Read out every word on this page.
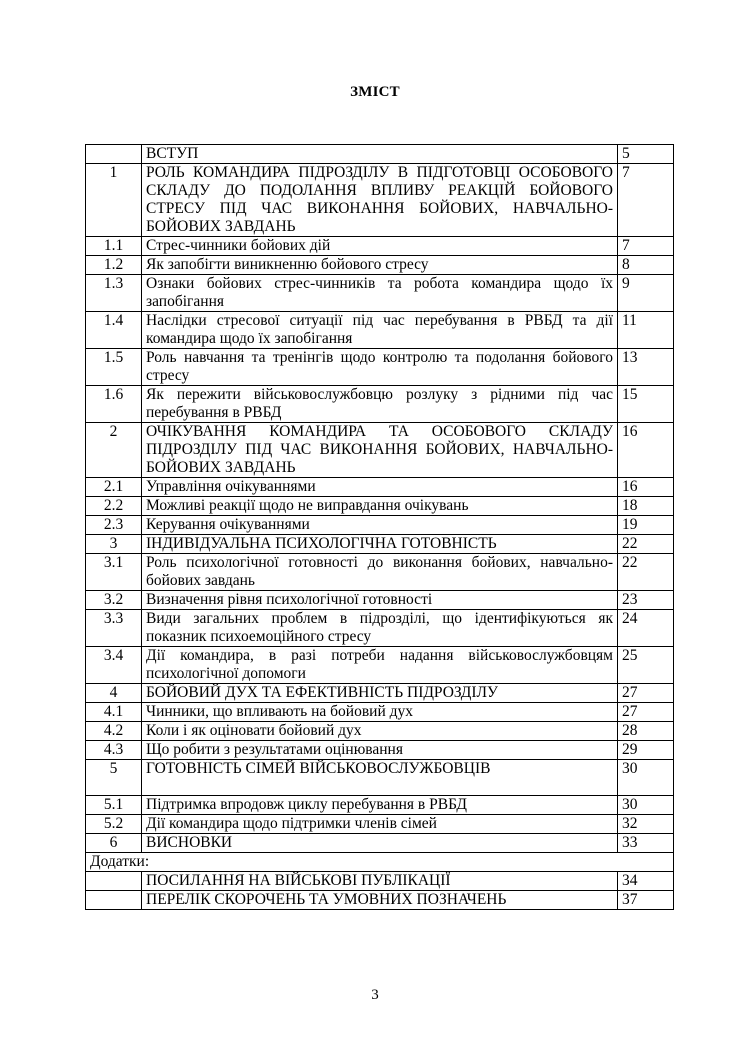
ЗМІСТ
	ВСТУП	5
1	РОЛЬ КОМАНДИРА ПІДРОЗДІЛУ В ПІДГОТОВЦІ ОСОБОВОГО СКЛАДУ ДО ПОДОЛАННЯ ВПЛИВУ РЕАКЦІЙ БОЙОВОГО СТРЕСУ ПІД ЧАС ВИКОНАННЯ БОЙОВИХ, НАВЧАЛЬНО-БОЙОВИХ ЗАВДАНЬ	7
1.1	Стрес-чинники бойових дій	7
1.2	Як запобігти виникненню бойового стресу	8
1.3	Ознаки бойових стрес-чинників та робота командира щодо їх запобігання	9
1.4	Наслідки стресової ситуації під час перебування в РВБД та дії командира щодо їх запобігання	11
1.5	Роль навчання та тренінгів щодо контролю та подолання бойового стресу	13
1.6	Як пережити військовослужбовцю розлуку з рідними під час перебування в РВБД	15
2	ОЧІКУВАННЯ КОМАНДИРА ТА ОСОБОВОГО СКЛАДУ ПІДРОЗДІЛУ ПІД ЧАС ВИКОНАННЯ БОЙОВИХ, НАВЧАЛЬНО-БОЙОВИХ ЗАВДАНЬ	16
2.1	Управління очікуваннями	16
2.2	Можливі реакції щодо не виправдання очікувань	18
2.3	Керування очікуваннями	19
3	ІНДИВІДУАЛЬНА ПСИХОЛОГІЧНА ГОТОВНІСТЬ	22
3.1	Роль психологічної готовності до виконання бойових, навчально-бойових завдань	22
3.2	Визначення рівня психологічної готовності	23
3.3	Види загальних проблем в підрозділі, що ідентифікуються як показник психоемоційного стресу	24
3.4	Дії командира, в разі потреби надання військовослужбовцям психологічної допомоги	25
4	БОЙОВИЙ ДУХ ТА ЕФЕКТИВНІСТЬ ПІДРОЗДІЛУ	27
4.1	Чинники, що впливають на бойовий дух	27
4.2	Коли і як оціновати бойовий дух	28
4.3	Що робити з результатами оцінювання	29
5	ГОТОВНІСТЬ СІМЕЙ ВІЙСЬКОВОСЛУЖБОВЦІВ	30
5.1	Підтримка впродовж циклу перебування в РВБД	30
5.2	Дії командира щодо підтримки членів сімей	32
6	ВИСНОВКИ	33
Додатки:		
	ПОСИЛАННЯ НА ВІЙСЬКОВІ ПУБЛІКАЦІЇ	34
	ПЕРЕЛІК СКОРОЧЕНЬ ТА УМОВНИХ ПОЗНАЧЕНЬ	37
3
